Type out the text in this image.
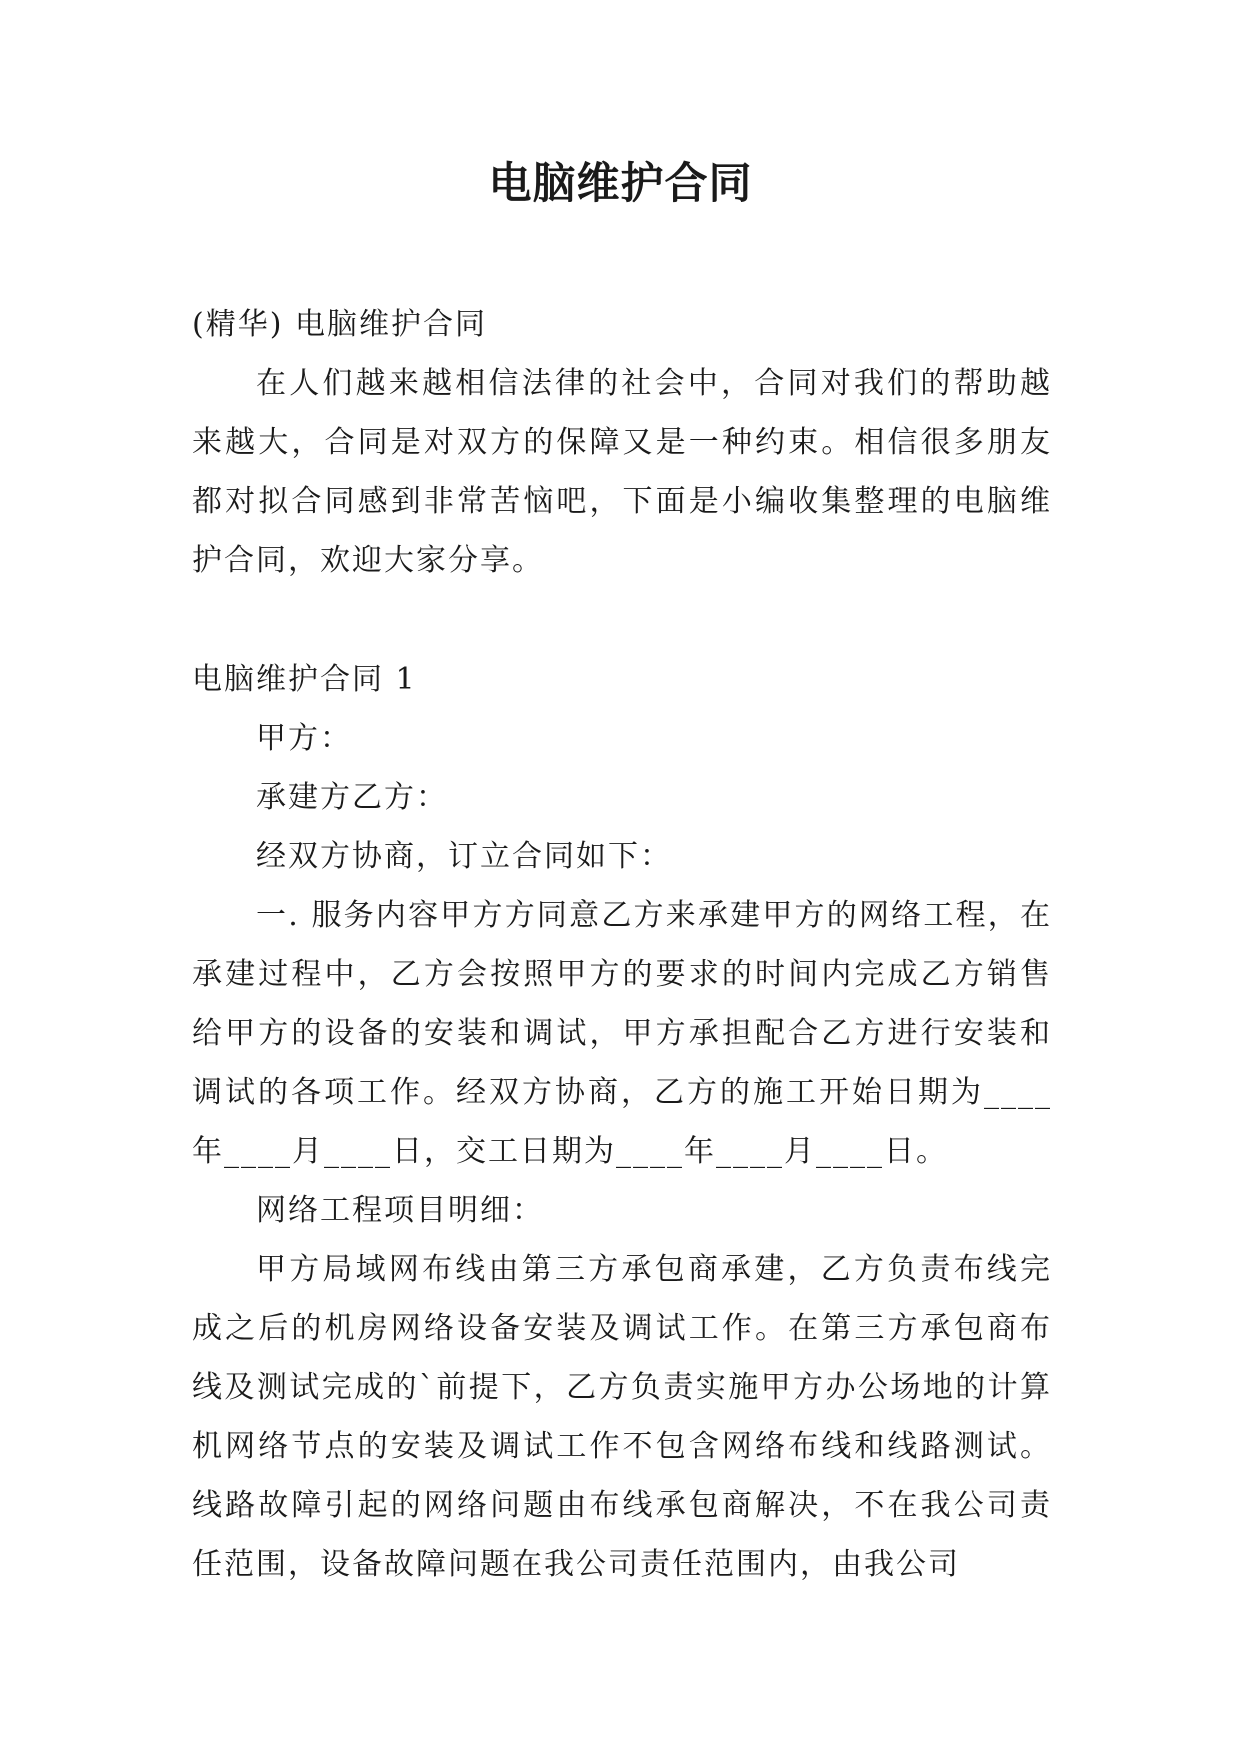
电脑维护合同

(精华) 电脑维护合同

在人们越来越相信法律的社会中，合同对我们的帮助越来越大，合同是对双方的保障又是一种约束。相信很多朋友都对拟合同感到非常苦恼吧，下面是小编收集整理的电脑维护合同，欢迎大家分享。

电脑维护合同 1

甲方：

承建方乙方：

经双方协商，订立合同如下：

一. 服务内容甲方方同意乙方来承建甲方的网络工程，在承建过程中，乙方会按照甲方的要求的时间内完成乙方销售给甲方的设备的安装和调试，甲方承担配合乙方进行安装和调试的各项工作。经双方协商，乙方的施工开始日期为____年____月____日，交工日期为____年____月____日。

网络工程项目明细：

甲方局域网布线由第三方承包商承建，乙方负责布线完成之后的机房网络设备安装及调试工作。在第三方承包商布线及测试完成的`前提下，乙方负责实施甲方办公场地的计算机网络节点的安装及调试工作不包含网络布线和线路测试。线路故障引起的网络问题由布线承包商解决，不在我公司责任范围，设备故障问题在我公司责任范围内，由我公司
